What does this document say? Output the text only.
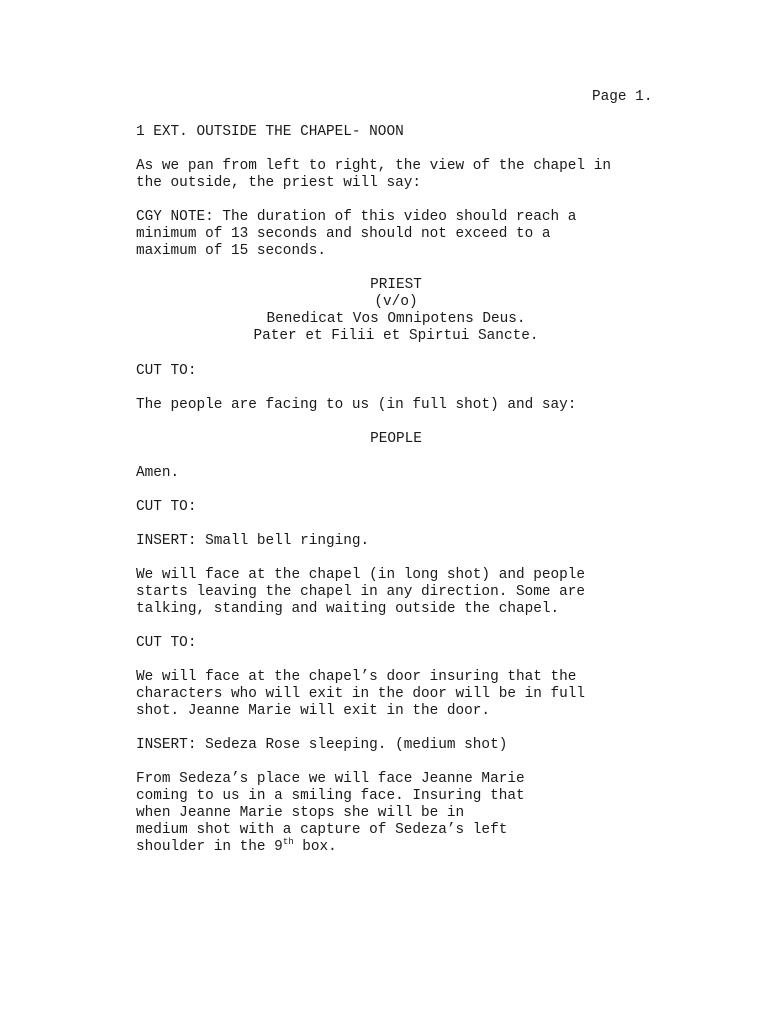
Page 1.
1 EXT. OUTSIDE THE CHAPEL- NOON
As we pan from left to right, the view of the chapel in
the outside, the priest will say:
CGY NOTE: The duration of this video should reach a
minimum of 13 seconds and should not exceed to a
maximum of 15 seconds.
PRIEST
(v/o)
Benedicat Vos Omnipotens Deus.
Pater et Filii et Spirtui Sancte.
CUT TO:
The people are facing to us (in full shot) and say:
PEOPLE
Amen.
CUT TO:
INSERT: Small bell ringing.
We will face at the chapel (in long shot) and people
starts leaving the chapel in any direction. Some are
talking, standing and waiting outside the chapel.
CUT TO:
We will face at the chapel’s door insuring that the
characters who will exit in the door will be in full
shot. Jeanne Marie will exit in the door.
INSERT: Sedeza Rose sleeping. (medium shot)
From Sedeza’s place we will face Jeanne Marie
coming to us in a smiling face. Insuring that
when Jeanne Marie stops she will be in
medium shot with a capture of Sedeza’s left
shoulder in the 9th box.
